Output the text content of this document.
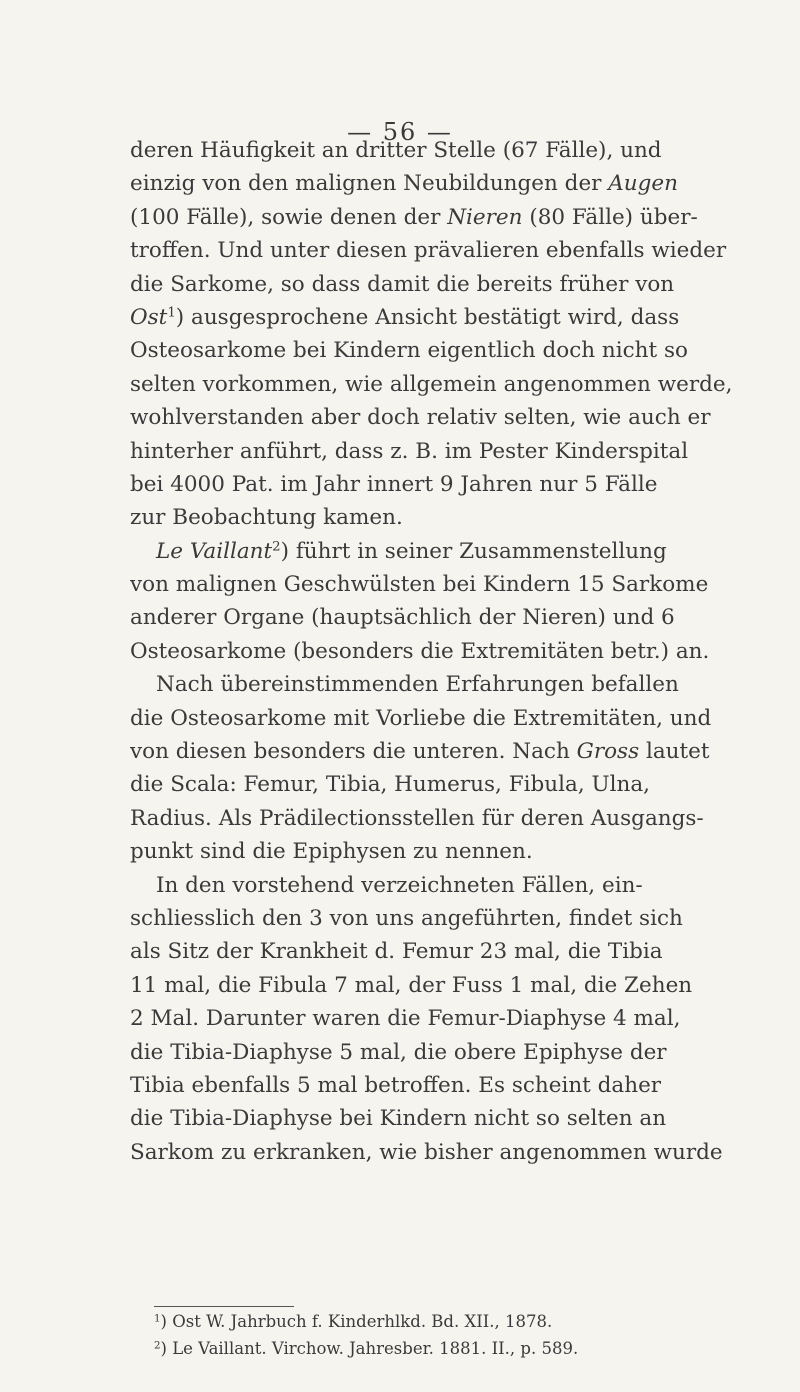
— 56 —
deren Häufigkeit an dritter Stelle (67 Fälle), und
einzig von den malignen Neubildungen der Augen
(100 Fälle), sowie denen der Nieren (80 Fälle) über-
troffen. Und unter diesen prävalieren ebenfalls wieder
die Sarkome, so dass damit die bereits früher von
Ost$^1$) ausgesprochene Ansicht bestätigt wird, dass
Osteosarkome bei Kindern eigentlich doch nicht so
selten vorkommen, wie allgemein angenommen werde,
wohlverstanden aber doch relativ selten, wie auch er
hinterher anführt, dass z. B. im Pester Kinderspital
bei 4000 Pat. im Jahr innert 9 Jahren nur 5 Fälle
zur Beobachtung kamen.
Le Vaillant$^2$) führt in seiner Zusammenstellung
von malignen Geschwülsten bei Kindern 15 Sarkome
anderer Organe (hauptsächlich der Nieren) und 6
Osteosarkome (besonders die Extremitäten betr.) an.
Nach übereinstimmenden Erfahrungen befallen
die Osteosarkome mit Vorliebe die Extremitäten, und
von diesen besonders die unteren. Nach Gross lautet
die Scala: Femur, Tibia, Humerus, Fibula, Ulna,
Radius. Als Prädilectionsstellen für deren Ausgangs-
punkt sind die Epiphysen zu nennen.
In den vorstehend verzeichneten Fällen, ein-
schliesslich den 3 von uns angeführten, findet sich
als Sitz der Krankheit d. Femur 23 mal, die Tibia
11 mal, die Fibula 7 mal, der Fuss 1 mal, die Zehen
2 Mal. Darunter waren die Femur-Diaphyse 4 mal,
die Tibia-Diaphyse 5 mal, die obere Epiphyse der
Tibia ebenfalls 5 mal betroffen. Es scheint daher
die Tibia-Diaphyse bei Kindern nicht so selten an
Sarkom zu erkranken, wie bisher angenommen wurde
$^1$) Ost W. Jahrbuch f. Kinderhlkd. Bd. XII., 1878.
$^2$) Le Vaillant. Virchow. Jahresber. 1881. II., p. 589.
